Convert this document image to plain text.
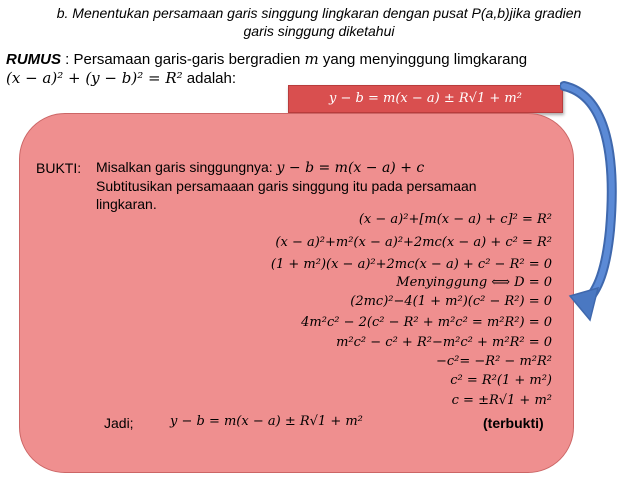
b. Menentukan persamaan garis singgung lingkaran dengan pusat P(a,b)jika gradien
garis singgung diketahui
RUMUS : Persamaan garis-garis bergradien m yang menyinggung limgkarang
(x − a)² + (y − b)² = R² adalah:
y − b = m(x − a) ± R√1 + m²
BUKTI: Misalkan garis singgungnya: y − b = m(x − a) + c
Subtitusikan persamaaan garis singgung itu pada persamaan
lingkaran.
(x − a)²+[m(x − a) + c]² = R²
(x − a)²+m²(x − a)²+2mc(x − a) + c² = R²
(1 + m²)(x − a)²+2mc(x − a) + c² − R² = 0
Menyinggung ⟺ D = 0
(2mc)²−4(1 + m²)(c² − R²) = 0
4m²c² − 2(c² − R² + m²c² = m²R²) = 0
m²c² − c² + R²−m²c² + m²R² = 0
−c²= −R² − m²R²
c² = R²(1 + m²)
c = ±R√1 + m²
Jadi;	y − b = m(x − a) ± R√1 + m²	(terbukti)
